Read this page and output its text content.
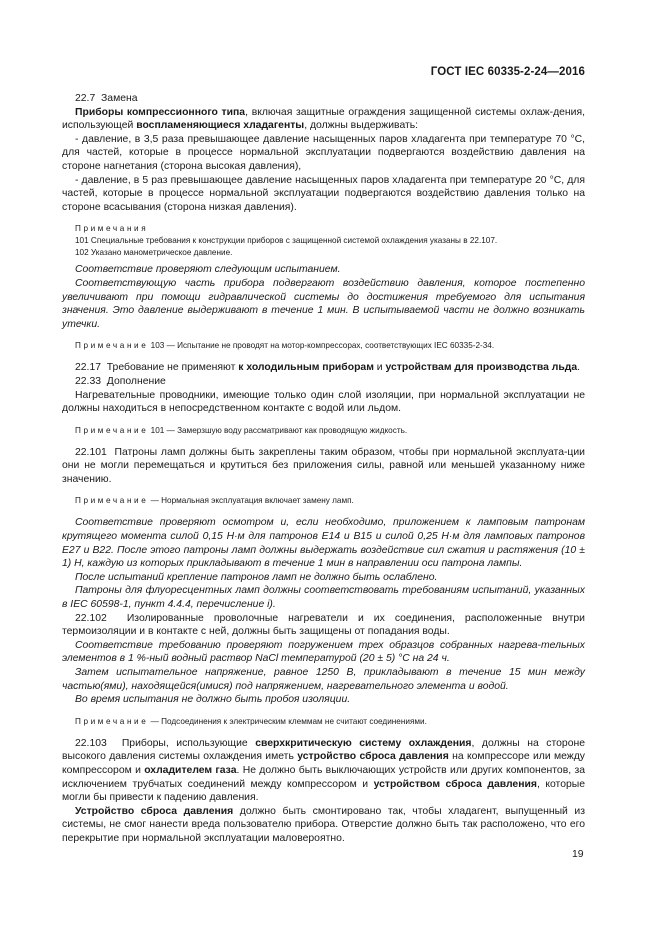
ГОСТ IEC 60335-2-24—2016

22.7 Замена

Приборы компрессионного типа, включая защитные ограждения защищенной системы охлаж-дения, использующей воспламеняющиеся хладагенты, должны выдерживать:

- давление, в 3,5 раза превышающее давление насыщенных паров хладагента при температуре 70 °С, для частей, которые в процессе нормальной эксплуатации подвергаются воздействию давления на стороне нагнетания (сторона высокая давления),

- давление, в 5 раз превышающее давление насыщенных паров хладагента при температуре 20 °С, для частей, которые в процессе нормальной эксплуатации подвергаются воздействию давления только на стороне всасывания (сторона низкая давления).

Примечания

101 Специальные требования к конструкции приборов с защищенной системой охлаждения указаны в 22.107.

102 Указано манометрическое давление.

Соответствие проверяют следующим испытанием.

Соответствующую часть прибора подвергают воздействию давления, которое постепенно увеличивают при помощи гидравлической системы до достижения требуемого для испытания значения. Это давление выдерживают в течение 1 мин. В испытываемой части не должно возникать утечки.

Примечание 103 — Испытание не проводят на мотор-компрессорах, соответствующих IEC 60335-2-34.

22.17 Требование не применяют к холодильным приборам и устройствам для производства льда.

22.33 Дополнение

Нагревательные проводники, имеющие только один слой изоляции, при нормальной эксплуатации не должны находиться в непосредственном контакте с водой или льдом.

Примечание 101 — Замерзшую воду рассматривают как проводящую жидкость.

22.101 Патроны ламп должны быть закреплены таким образом, чтобы при нормальной эксплуата-ции они не могли перемещаться и крутиться без приложения силы, равной или меньшей указанному ниже значению.

Примечание — Нормальная эксплуатация включает замену ламп.

Соответствие проверяют осмотром и, если необходимо, приложением к ламповым патронам крутящего момента силой 0,15 Н·м для патронов Е14 и В15 и силой 0,25 Н·м для ламповых патронов Е27 и В22. После этого патроны ламп должны выдержать воздействие сил сжатия и растяжения (10 ± 1) Н, каждую из которых прикладывают в течение 1 мин в направлении оси патрона лампы.

После испытаний крепление патронов ламп не должно быть ослаблено.

Патроны для флуоресцентных ламп должны соответствовать требованиям испытаний, указанных в IEC 60598-1, пункт 4.4.4, перечисление i).

22.102 Изолированные проволочные нагреватели и их соединения, расположенные внутри термоизоляции и в контакте с ней, должны быть защищены от попадания воды.

Соответствие требованию проверяют погружением трех образцов собранных нагрева-тельных элементов в 1 %-ный водный раствор NaCl температурой (20 ± 5) °С на 24 ч.

Затем испытательное напряжение, равное 1250 В, прикладывают в течение 15 мин между частью(ями), находящейся(имися) под напряжением, нагревательного элемента и водой.

Во время испытания не должно быть пробоя изоляции.

Примечание — Подсоединения к электрическим клеммам не считают соединениями.

22.103 Приборы, использующие сверхкритическую систему охлаждения, должны на стороне высокого давления системы охлаждения иметь устройство сброса давления на компрессоре или между компрессором и охладителем газа. Не должно быть выключающих устройств или других компонентов, за исключением трубчатых соединений между компрессором и устройством сброса давления, которые могли бы привести к падению давления.

Устройство сброса давления должно быть смонтировано так, чтобы хладагент, выпущенный из системы, не смог нанести вреда пользователю прибора. Отверстие должно быть так расположено, что его перекрытие при нормальной эксплуатации маловероятно.

19
